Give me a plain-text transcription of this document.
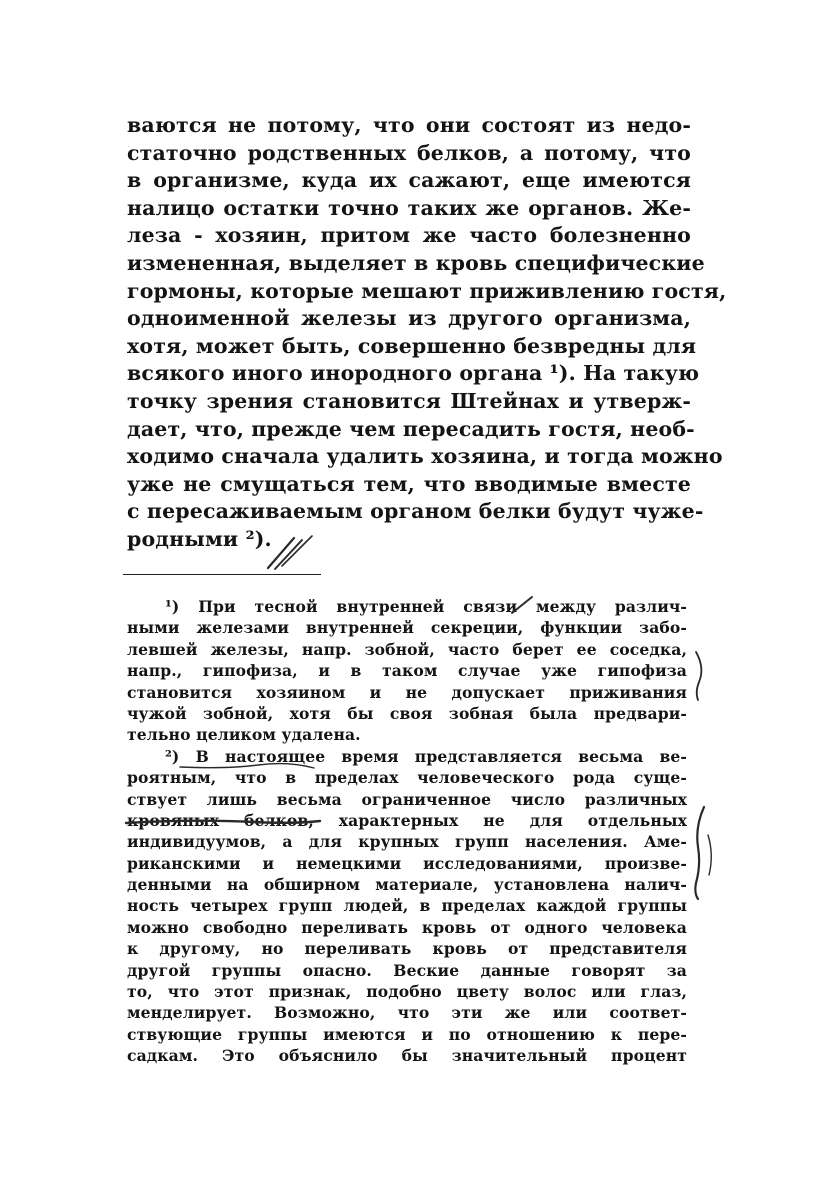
ваются не потому, что они состоят из недо-
статочно родственных белков, а потому, что
в организме, куда их сажают, еще имеются
налицо остатки точно таких же органов. Же-
леза - хозяин, притом же часто болезненно
измененная, выделяет в кровь специфические
гормоны, которые мешают приживлению гостя,
одноименной железы из другого организма,
хотя, может быть, совершенно безвредны для
всякого иного инородного органа ¹). На такую
точку зрения становится Штейнах и утверж-
дает, что, прежде чем пересадить гостя, необ-
ходимо сначала удалить хозяина, и тогда можно
уже не смущаться тем, что вводимые вместе
с пересаживаемым органом белки будут чуже-
родными ²).
¹) При тесной внутренней связи между различ-
ными железами внутренней секреции, функции забо-
левшей железы, напр. зобной, часто берет ее соседка,
напр., гипофиза, и в таком случае уже гипофиза
становится хозяином и не допускает приживания
чужой зобной, хотя бы своя зобная была предвари-
тельно целиком удалена.
²) В настоящее время представляется весьма ве-
роятным, что в пределах человеческого рода суще-
ствует лишь весьма ограниченное число различных
кровяных белков, характерных не для отдельных
индивидуумов, а для крупных групп населения. Аме-
риканскими и немецкими исследованиями, произве-
денными на обширном материале, установлена налич-
ность четырех групп людей, в пределах каждой группы
можно свободно переливать кровь от одного человека
к другому, но переливать кровь от представителя
другой группы опасно. Веские данные говорят за
то, что этот признак, подобно цвету волос или глаз,
менделирует. Возможно, что эти же или соответ-
ствующие группы имеются и по отношению к пере-
садкам. Это объяснило бы значительный процент
